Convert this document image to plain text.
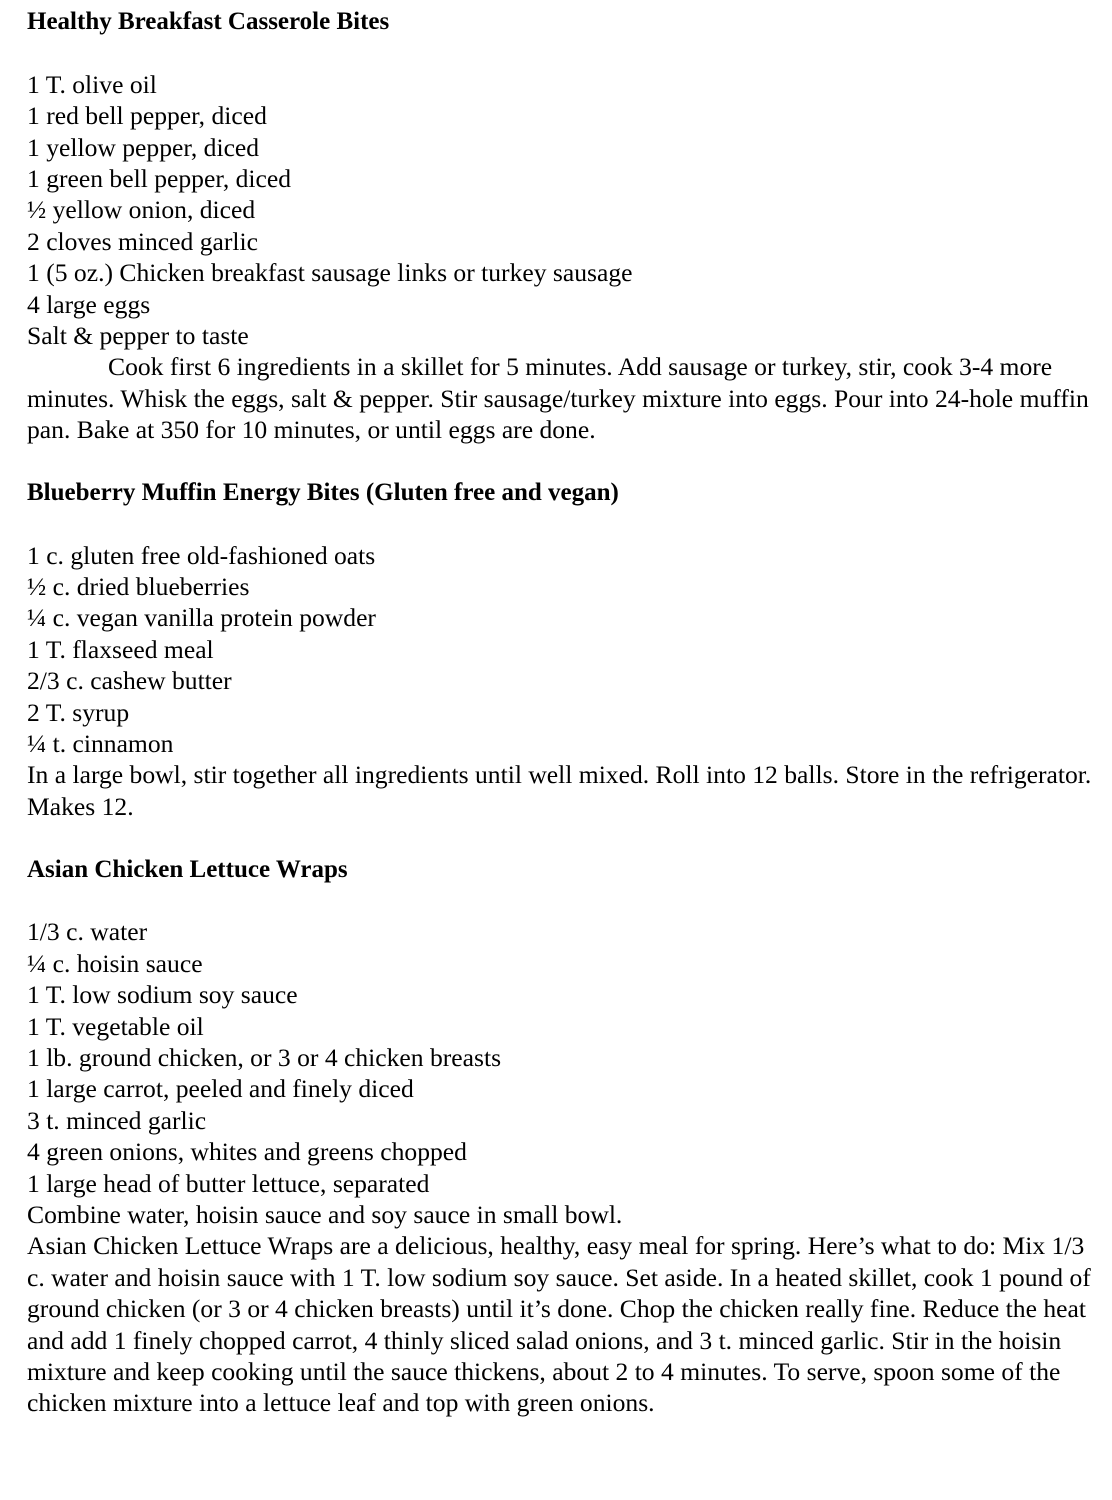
Healthy Breakfast Casserole Bites
1 T. olive oil
1 red bell pepper, diced
1 yellow pepper, diced
1 green bell pepper, diced
½ yellow onion, diced
2 cloves minced garlic
1 (5 oz.) Chicken breakfast sausage links or turkey sausage
4 large eggs
Salt & pepper to taste

Cook first 6 ingredients in a skillet for 5 minutes. Add sausage or turkey, stir, cook 3-4 more minutes. Whisk the eggs, salt & pepper. Stir sausage/turkey mixture into eggs. Pour into 24-hole muffin pan. Bake at 350 for 10 minutes, or until eggs are done.

Blueberry Muffin Energy Bites (Gluten free and vegan)
1 c. gluten free old-fashioned oats
½ c. dried blueberries
¼ c. vegan vanilla protein powder
1 T. flaxseed meal
2/3 c. cashew butter
2 T. syrup
¼ t. cinnamon

In a large bowl, stir together all ingredients until well mixed. Roll into 12 balls. Store in the refrigerator. Makes 12.

Asian Chicken Lettuce Wraps
1/3 c. water
¼ c. hoisin sauce
1 T. low sodium soy sauce
1 T. vegetable oil
1 lb. ground chicken, or 3 or 4 chicken breasts
1 large carrot, peeled and finely diced
3 t. minced garlic
4 green onions, whites and greens chopped
1 large head of butter lettuce, separated

Combine water, hoisin sauce and soy sauce in small bowl.

Asian Chicken Lettuce Wraps are a delicious, healthy, easy meal for spring. Here’s what to do: Mix 1/3 c. water and hoisin sauce with 1 T. low sodium soy sauce. Set aside. In a heated skillet, cook 1 pound of ground chicken (or 3 or 4 chicken breasts) until it’s done. Chop the chicken really fine. Reduce the heat and add 1 finely chopped carrot, 4 thinly sliced salad onions, and 3 t. minced garlic. Stir in the hoisin mixture and keep cooking until the sauce thickens, about 2 to 4 minutes. To serve, spoon some of the chicken mixture into a lettuce leaf and top with green onions.
